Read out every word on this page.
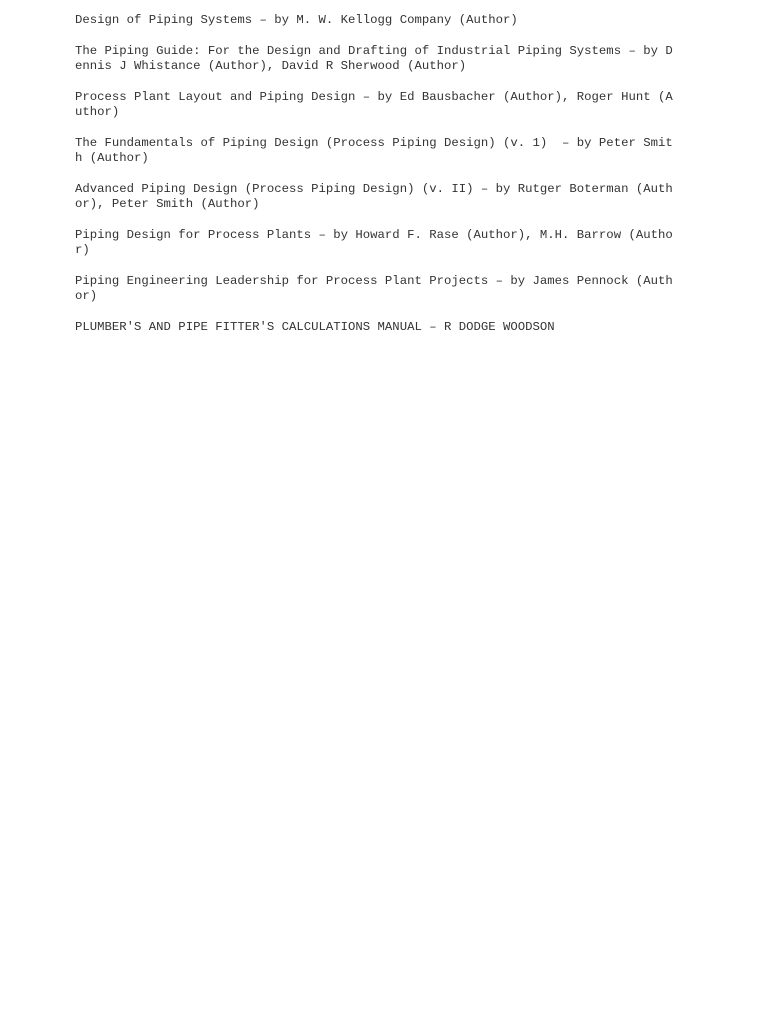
Design of Piping Systems – by M. W. Kellogg Company (Author)
The Piping Guide: For the Design and Drafting of Industrial Piping Systems – by Dennis J Whistance (Author), David R Sherwood (Author)
Process Plant Layout and Piping Design – by Ed Bausbacher (Author), Roger Hunt (Author)
The Fundamentals of Piping Design (Process Piping Design) (v. 1)  – by Peter Smith (Author)
Advanced Piping Design (Process Piping Design) (v. II) – by Rutger Boterman (Author), Peter Smith (Author)
Piping Design for Process Plants – by Howard F. Rase (Author), M.H. Barrow (Author)
Piping Engineering Leadership for Process Plant Projects – by James Pennock (Author)
PLUMBER'S AND PIPE FITTER'S CALCULATIONS MANUAL – R DODGE WOODSON
